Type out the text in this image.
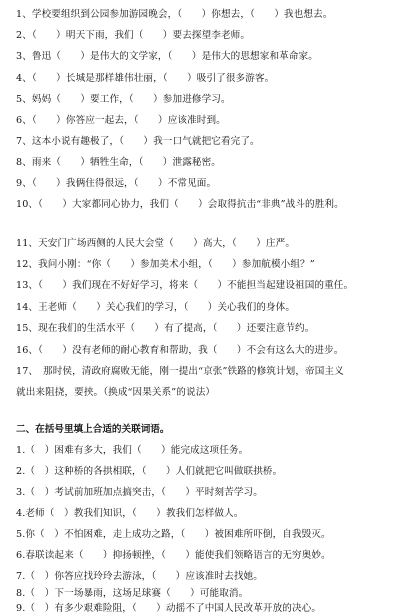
1、学校要组织到公园参加游园晚会，（　　）你想去，（　　）我也想去。
2、（　　）明天下雨，我们（　　）要去探望李老师。
3、鲁迅（　　）是伟大的文学家，（　　）是伟大的思想家和革命家。
4、（　　）长城是那样雄伟壮丽，（　　）吸引了很多游客。
5、妈妈（　　）要工作，（　　）参加进修学习。
6、（　　）你答应一起去，（　　）应该准时到。
7、这本小说有趣极了，（　　）我一口气就把它看完了。
8、雨来（　　）牺牲生命，（　　）泄露秘密。
9、（　　）我俩住得很远，（　　）不常见面。
10、（　　）大家都同心协力，我们（　　）会取得抗击“非典”战斗的胜利。
11、天安门广场西侧的人民大会堂（　　）高大，（　　）庄严。
12、我问小刚：“你（　　）参加美术小组，（　　）参加航模小组？”
13、（　　）我们现在不好好学习，将来（　　）不能担当起建设祖国的重任。
14、王老师（　　）关心我们的学习，（　　）关心我们的身体。
15、现在我们的生活水平（　　）有了提高，（　　）还要注意节约。
16、（　　）没有老师的耐心教育和帮助，我（　　）不会有这么大的进步。
17、　那时侯，清政府腐败无能，刚一提出“京张”铁路的修筑计划，帝国主义
就出来阻挠，要挟。（换成“因果关系”的说法）
二、在括号里填上合适的关联词语。
1.（　）困难有多大，我们（　　）能完成这项任务。
2.（　）这种桥的各拱相联，（　　）人们就把它叫做联拱桥。
3.（　）考试前加班加点搞突击，（　　）平时刻苦学习。
4.老师（　）教我们知识，（　　）教我们怎样做人。
5.你（　）不怕困难，走上成功之路，（　　）被困难所吓倒，自我毁灭。
6.春联读起来（　　）抑扬顿挫，（　　）能使我们领略语言的无穷奥妙。
7.（　）你答应找玲玲去游泳，（　　）应该准时去找她。
8.（　）下一场暴雨，这场足球赛（　　）可能取消。
9.（　）有多少艰难险阻，（　　）动摇不了中国人民改革开放的决心。
